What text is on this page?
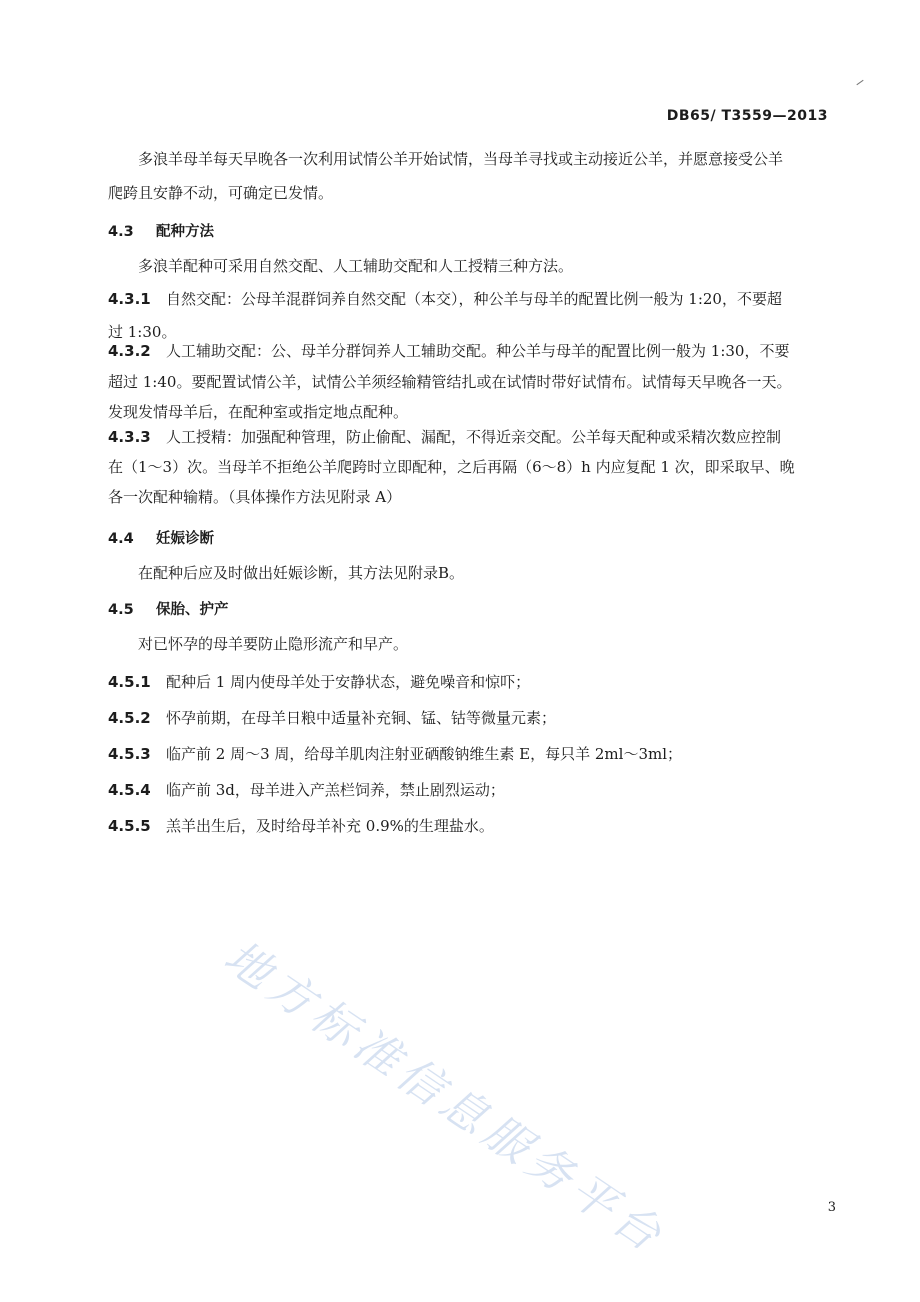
DB65/ T3559—2013
多浪羊母羊每天早晚各一次利用试情公羊开始试情，当母羊寻找或主动接近公羊，并愿意接受公羊
爬跨且安静不动，可确定已发情。
4.3 配种方法
多浪羊配种可采用自然交配、人工辅助交配和人工授精三种方法。
4.3.1 自然交配：公母羊混群饲养自然交配（本交），种公羊与母羊的配置比例一般为 1:20，不要超
过 1:30。
4.3.2 人工辅助交配：公、母羊分群饲养人工辅助交配。种公羊与母羊的配置比例一般为 1:30，不要
超过 1:40。要配置试情公羊，试情公羊须经输精管结扎或在试情时带好试情布。试情每天早晚各一天。
发现发情母羊后，在配种室或指定地点配种。
4.3.3 人工授精：加强配种管理，防止偷配、漏配，不得近亲交配。公羊每天配种或采精次数应控制
在（1～3）次。当母羊不拒绝公羊爬跨时立即配种，之后再隔（6～8）h 内应复配 1 次，即采取早、晚
各一次配种输精。（具体操作方法见附录 A）
4.4 妊娠诊断
在配种后应及时做出妊娠诊断，其方法见附录B。
4.5 保胎、护产
对已怀孕的母羊要防止隐形流产和早产。
4.5.1 配种后 1 周内使母羊处于安静状态，避免噪音和惊吓；
4.5.2 怀孕前期，在母羊日粮中适量补充铜、锰、钴等微量元素；
4.5.3 临产前 2 周～3 周，给母羊肌肉注射亚硒酸钠维生素 E，每只羊 2ml～3ml；
4.5.4 临产前 3d，母羊进入产羔栏饲养，禁止剧烈运动；
4.5.5 羔羊出生后，及时给母羊补充 0.9%的生理盐水。
地方标准信息服务平台	3
